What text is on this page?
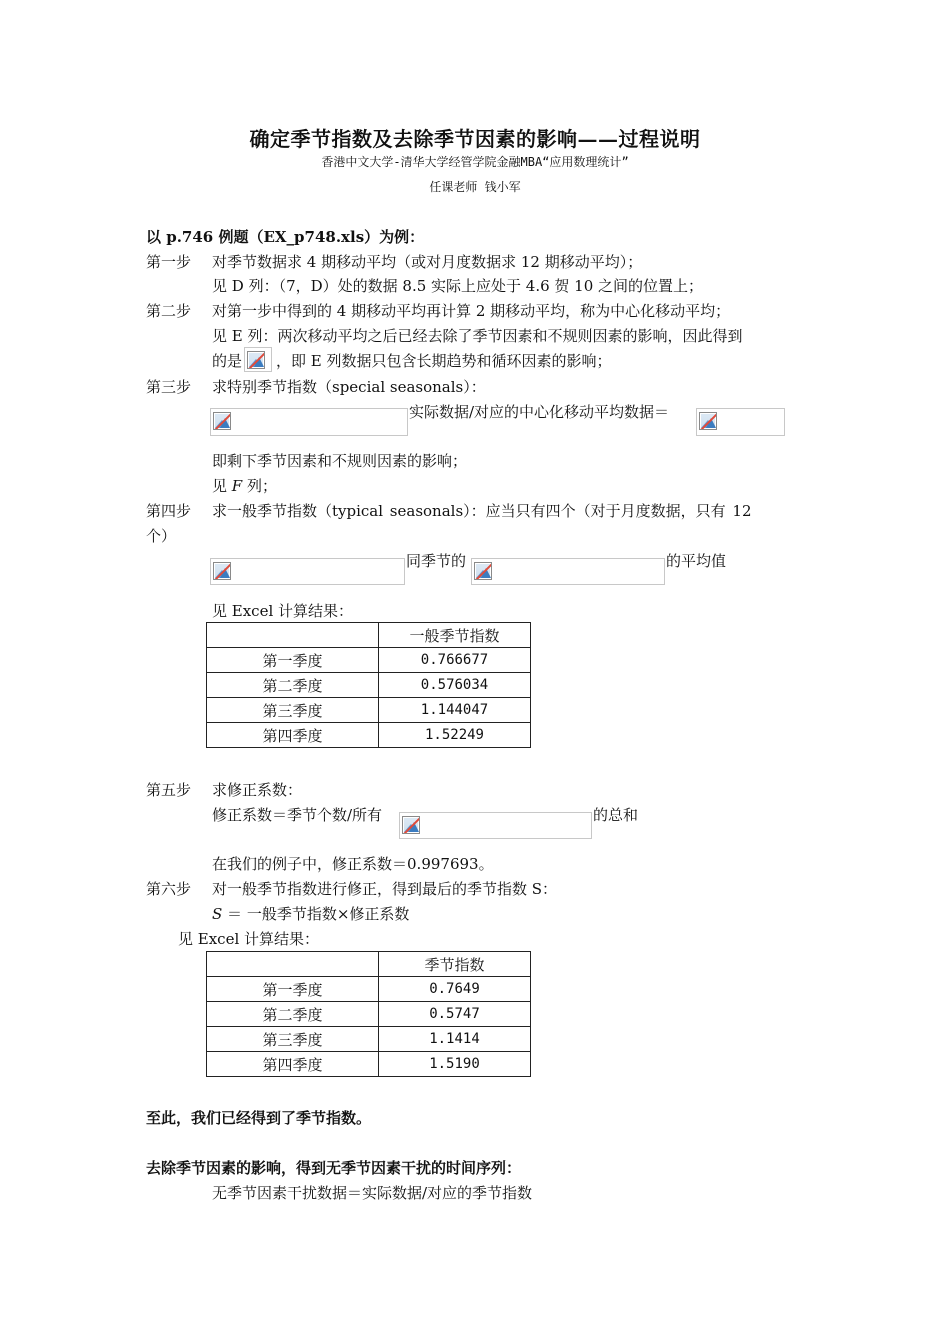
确定季节指数及去除季节因素的影响——过程说明
香港中文大学-清华大学经管学院金融MBA“应用数理统计”
任课老师 钱小军
以 p.746 例题（EX_p748.xls）为例：
第一步 对季节数据求 4 期移动平均（或对月度数据求 12 期移动平均）；
见 D 列：（7，D）处的数据 8.5 实际上应处于 4.6 贺 10 之间的位置上；
第二步 对第一步中得到的 4 期移动平均再计算 2 期移动平均，称为中心化移动平均；
见 E 列：两次移动平均之后已经去除了季节因素和不规则因素的影响，因此得到
的是 ，即 E 列数据只包含长期趋势和循环因素的影响；
第三步 求特别季节指数（special seasonals）：
实际数据/对应的中心化移动平均数据＝
即剩下季节因素和不规则因素的影响；
见 F 列；
第四步 求一般季节指数（typical seasonals）：应当只有四个（对于月度数据，只有 12
个）
同季节的	的平均值
见 Excel 计算结果：
	一般季节指数
第一季度	0.766677
第二季度	0.576034
第三季度	1.144047
第四季度	1.52249
第五步 求修正系数：
修正系数＝季节个数/所有	的总和
在我们的例子中，修正系数＝0.997693。
第六步 对一般季节指数进行修正，得到最后的季节指数 S：
S ＝ 一般季节指数×修正系数
见 Excel 计算结果：
	季节指数
第一季度	0.7649
第二季度	0.5747
第三季度	1.1414
第四季度	1.5190
至此，我们已经得到了季节指数。
去除季节因素的影响，得到无季节因素干扰的时间序列：
无季节因素干扰数据＝实际数据/对应的季节指数
